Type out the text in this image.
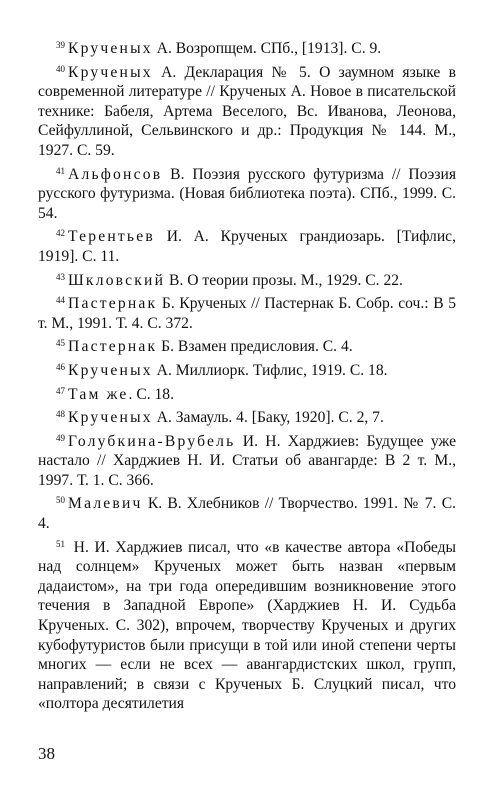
$^{39}$ Крученых А. Возропщем. СПб., [1913]. С. 9.

$^{40}$ Крученых А. Декларация № 5. О заумном языке в современной литературе // Крученых А. Новое в писательской технике: Бабеля, Артема Веселого, Вс. Иванова, Леонова, Сейфуллиной, Сельвинского и др.: Продукция № 144. М., 1927. С. 59.

$^{41}$ Альфонсов В. Поэзия русского футуризма // Поэзия русского футуризма. (Новая библиотека поэта). СПб., 1999. С. 54.

$^{42}$ Терентьев И. А. Крученых грандиозарь. [Тифлис, 1919]. С. 11.

$^{43}$ Шкловский В. О теории прозы. М., 1929. С. 22.

$^{44}$ Пастернак Б. Крученых // Пастернак Б. Собр. соч.: В 5 т. М., 1991. Т. 4. С. 372.

$^{45}$ Пастернак Б. Взамен предисловия. С. 4.

$^{46}$ Крученых А. Миллиорк. Тифлис, 1919. С. 18.

$^{47}$ Там же. С. 18.

$^{48}$ Крученых А. Замауль. 4. [Баку, 1920]. С. 2, 7.

$^{49}$ Голубкина-Врубель И. Н. Харджиев: Будущее уже настало // Харджиев Н. И. Статьи об авангарде: В 2 т. М., 1997. Т. 1. С. 366.

$^{50}$ Малевич К. В. Хлебников // Творчество. 1991. № 7. С. 4.

$^{51}$ Н. И. Харджиев писал, что «в качестве автора «Победы над солнцем» Крученых может быть назван «первым дадаистом», на три года опередившим возникновение этого течения в Западной Европе» (Харджиев Н. И. Судьба Крученых. С. 302), впрочем, творчеству Крученых и других кубофутуристов были присущи в той или иной степени черты многих — если не всех — авангардистских школ, групп, направлений; в связи с Крученых Б. Слуцкий писал, что «полтора десятилетия

38
